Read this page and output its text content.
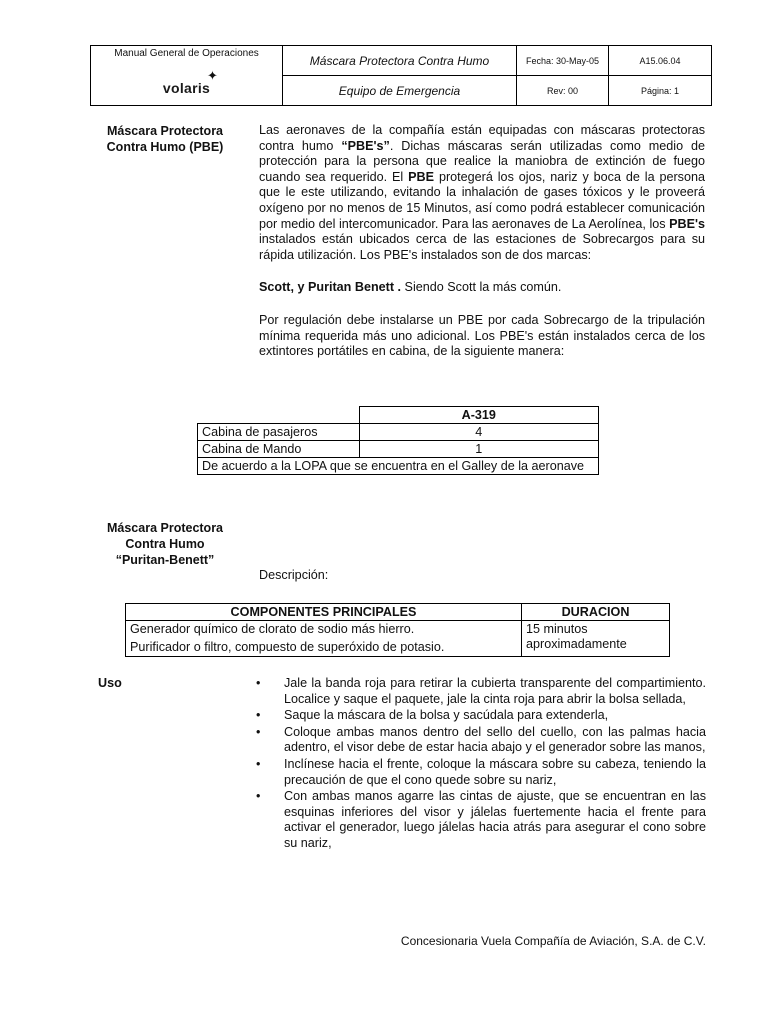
Manual General de Operaciones
✦
volaris	Máscara Protectora Contra Humo	Fecha: 30-May-05	A15.06.04
	Equipo de Emergencia	Rev: 00	Página: 1
Máscara Protectora
Contra Humo (PBE)

Las aeronaves de la compañía están equipadas con máscaras protectoras contra humo “PBE's”. Dichas máscaras serán utilizadas como medio de protección para la persona que realice la maniobra de extinción de fuego cuando sea requerido. El PBE protegerá los ojos, nariz y boca de la persona que le este utilizando, evitando la inhalación de gases tóxicos y le proveerá oxígeno por no menos de 15 Minutos, así como podrá establecer comunicación por medio del intercomunicador. Para las aeronaves de La Aerolínea, los PBE's instalados están ubicados cerca de las estaciones de Sobrecargos para su rápida utilización. Los PBE's instalados son de dos marcas:

Scott, y Puritan Benett . Siendo Scott la más común.

Por regulación debe instalarse un PBE por cada Sobrecargo de la tripulación mínima requerida más uno adicional. Los PBE's están instalados cerca de los extintores portátiles en cabina, de la siguiente manera:

	A-319
Cabina de pasajeros	4
Cabina de Mando	1
De acuerdo a la LOPA que se encuentra en el Galley de la aeronave	
Máscara Protectora
Contra Humo
“Puritan-Benett”
Descripción:
COMPONENTES PRINCIPALES	DURACION

Generador químico de clorato de sodio más hierro.
Purificador o filtro, compuesto de superóxido de potasio.	15 minutos aproximadamente
Uso	•	Jale la banda roja para retirar la cubierta transparente del compartimiento. Localice y saque el paquete, jale la cinta roja para abrir la bolsa sellada,
•	Saque la máscara de la bolsa y sacúdala para extenderla,
•	Coloque ambas manos dentro del sello del cuello, con las palmas hacia adentro, el visor debe de estar hacia abajo y el generador sobre las manos,
•	Inclínese hacia el frente, coloque la máscara sobre su cabeza, teniendo la precaución de que el cono quede sobre su nariz,
•	Con ambas manos agarre las cintas de ajuste, que se encuentran en las esquinas inferiores del visor y jálelas fuertemente hacia el frente para activar el generador, luego jálelas hacia atrás para asegurar el cono sobre su nariz,
Concesionaria Vuela Compañía de Aviación, S.A. de C.V.
